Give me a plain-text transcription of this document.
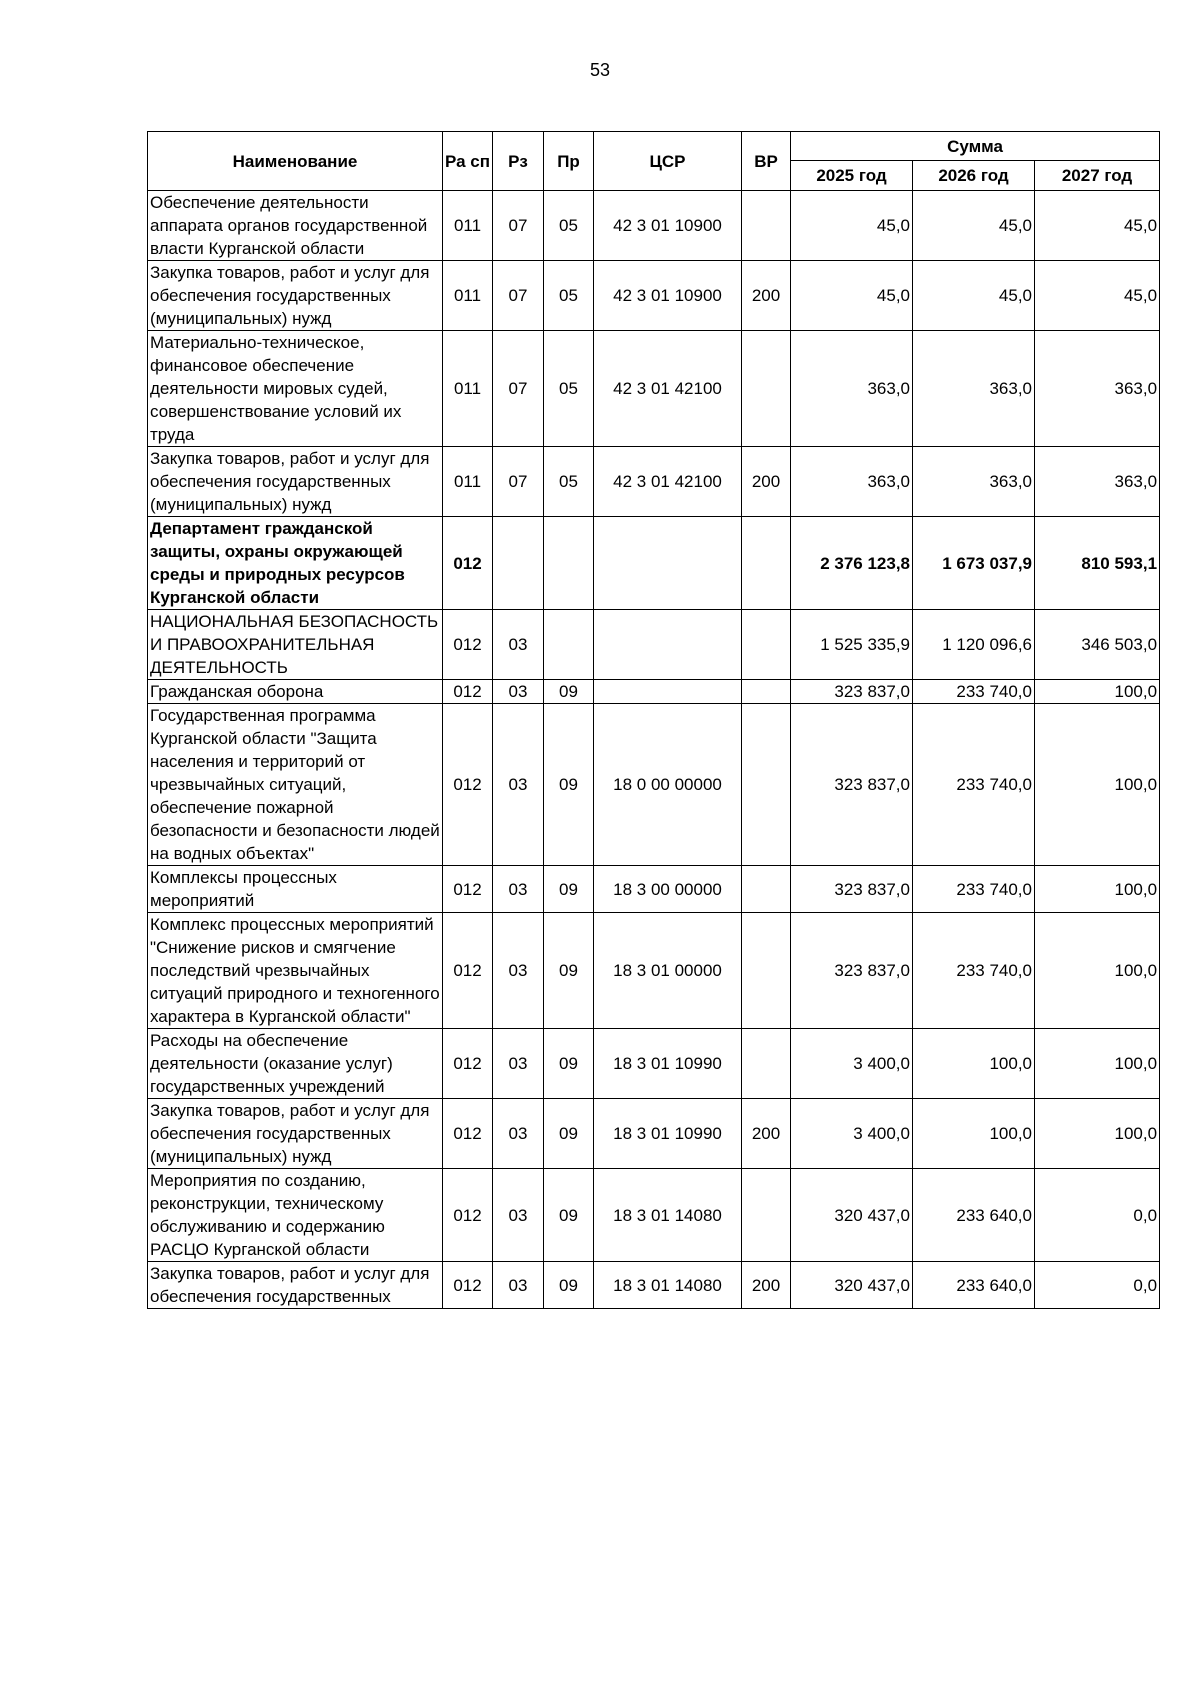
53
Наименование	Ра сп	Рз	Пр	ЦСР	ВР	Сумма		
						2025 год	2026 год	2027 год
Обеспечение деятельности аппарата органов государственной власти Курганской области	011	07	05	42 3 01 10900		45,0	45,0	45,0
Закупка товаров, работ и услуг для обеспечения государственных (муниципальных) нужд	011	07	05	42 3 01 10900	200	45,0	45,0	45,0
Материально-техническое, финансовое обеспечение деятельности мировых судей, совершенствование условий их труда	011	07	05	42 3 01 42100		363,0	363,0	363,0
Закупка товаров, работ и услуг для обеспечения государственных (муниципальных) нужд	011	07	05	42 3 01 42100	200	363,0	363,0	363,0
Департамент гражданской защиты, охраны окружающей среды и природных ресурсов Курганской области	012					2 376 123,8	1 673 037,9	810 593,1
НАЦИОНАЛЬНАЯ БЕЗОПАСНОСТЬ И ПРАВООХРАНИТЕЛЬНАЯ ДЕЯТЕЛЬНОСТЬ	012	03				1 525 335,9	1 120 096,6	346 503,0
Гражданская оборона	012	03	09			323 837,0	233 740,0	100,0
Государственная программа Курганской области "Защита населения и территорий от чрезвычайных ситуаций, обеспечение пожарной безопасности и безопасности людей на водных объектах"	012	03	09	18 0 00 00000		323 837,0	233 740,0	100,0
Комплексы процессных мероприятий	012	03	09	18 3 00 00000		323 837,0	233 740,0	100,0
Комплекс процессных мероприятий "Снижение рисков и смягчение последствий чрезвычайных ситуаций природного и техногенного характера в Курганской области"	012	03	09	18 3 01 00000		323 837,0	233 740,0	100,0
Расходы на обеспечение деятельности (оказание услуг) государственных учреждений	012	03	09	18 3 01 10990		3 400,0	100,0	100,0
Закупка товаров, работ и услуг для обеспечения государственных (муниципальных) нужд	012	03	09	18 3 01 10990	200	3 400,0	100,0	100,0
Мероприятия по созданию, реконструкции, техническому обслуживанию и содержанию РАСЦО Курганской области	012	03	09	18 3 01 14080		320 437,0	233 640,0	0,0
Закупка товаров, работ и услуг для обеспечения государственных	012	03	09	18 3 01 14080	200	320 437,0	233 640,0	0,0
